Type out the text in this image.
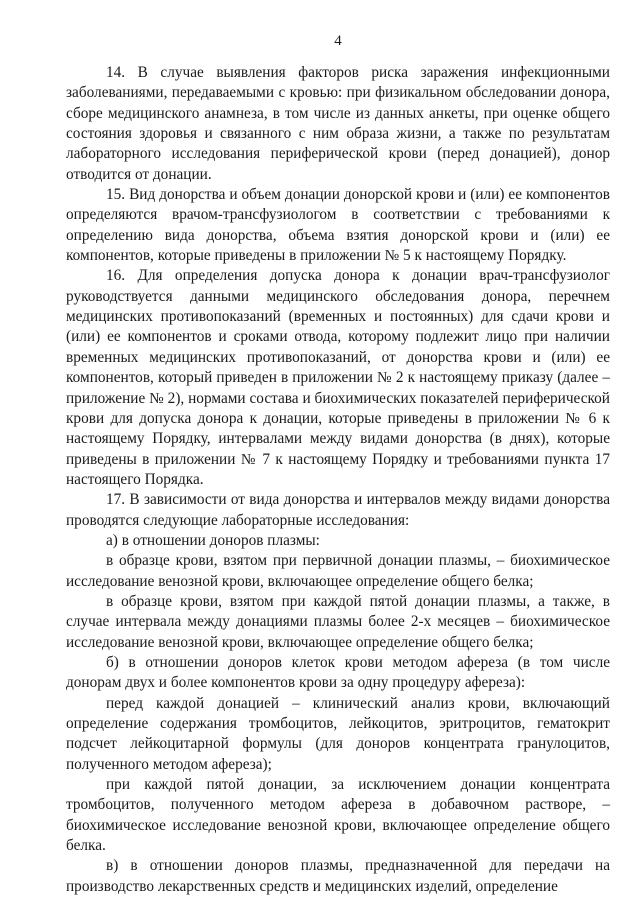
4

14. В случае выявления факторов риска заражения инфекционными заболеваниями, передаваемыми с кровью: при физикальном обследовании донора, сборе медицинского анамнеза, в том числе из данных анкеты, при оценке общего состояния здоровья и связанного с ним образа жизни, а также по результатам лабораторного исследования периферической крови (перед донацией), донор отводится от донации.

15. Вид донорства и объем донации донорской крови и (или) ее компонентов определяются врачом-трансфузиологом в соответствии с требованиями к определению вида донорства, объема взятия донорской крови и (или) ее компонентов, которые приведены в приложении № 5 к настоящему Порядку.

16. Для определения допуска донора к донации врач-трансфузиолог руководствуется данными медицинского обследования донора, перечнем медицинских противопоказаний (временных и постоянных) для сдачи крови и (или) ее компонентов и сроками отвода, которому подлежит лицо при наличии временных медицинских противопоказаний, от донорства крови и (или) ее компонентов, который приведен в приложении № 2 к настоящему приказу (далее – приложение № 2), нормами состава и биохимических показателей периферической крови для допуска донора к донации, которые приведены в приложении № 6 к настоящему Порядку, интервалами между видами донорства (в днях), которые приведены в приложении № 7 к настоящему Порядку и требованиями пункта 17 настоящего Порядка.

17. В зависимости от вида донорства и интервалов между видами донорства проводятся следующие лабораторные исследования:

а) в отношении доноров плазмы:

в образце крови, взятом при первичной донации плазмы, – биохимическое исследование венозной крови, включающее определение общего белка;

в образце крови, взятом при каждой пятой донации плазмы, а также, в случае интервала между донациями плазмы более 2-х месяцев – биохимическое исследование венозной крови, включающее определение общего белка;

б) в отношении доноров клеток крови методом афереза (в том числе донорам двух и более компонентов крови за одну процедуру афереза):

перед каждой донацией – клинический анализ крови, включающий определение содержания тромбоцитов, лейкоцитов, эритроцитов, гематокрит подсчет лейкоцитарной формулы (для доноров концентрата гранулоцитов, полученного методом афереза);

при каждой пятой донации, за исключением донации концентрата тромбоцитов, полученного методом афереза в добавочном растворе, – биохимическое исследование венозной крови, включающее определение общего белка.

в) в отношении доноров плазмы, предназначенной для передачи на производство лекарственных средств и медицинских изделий, определение
